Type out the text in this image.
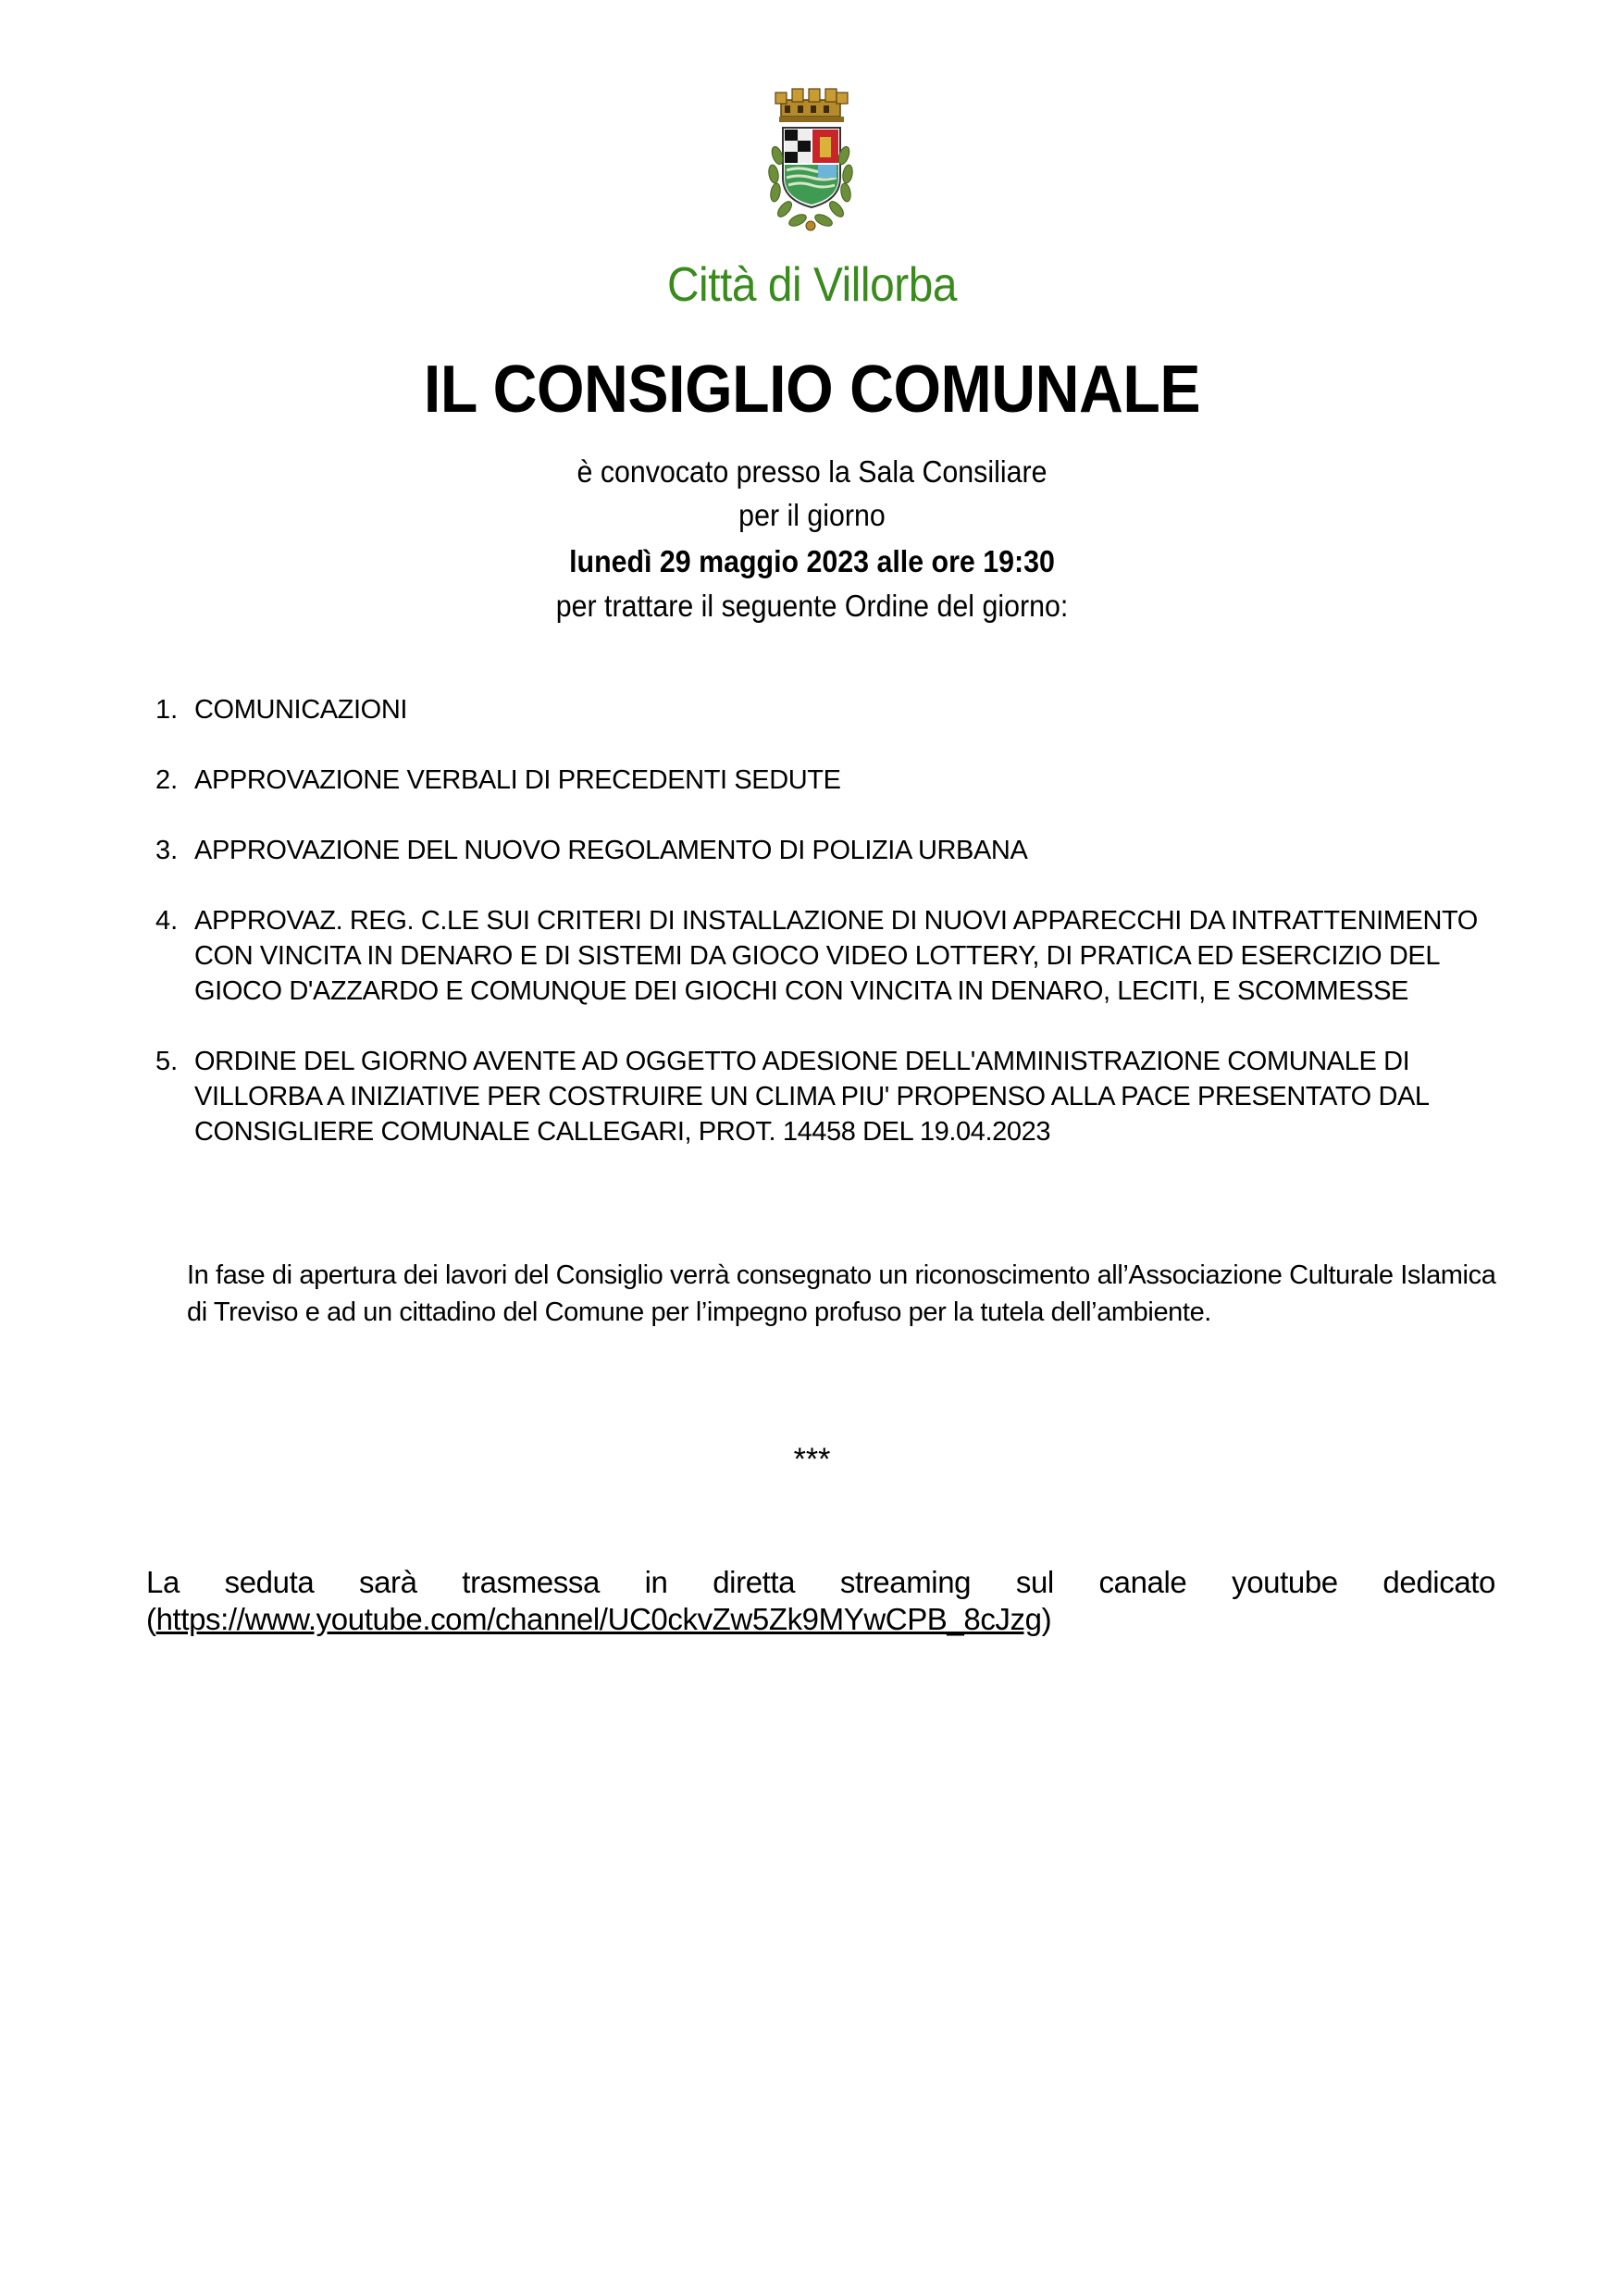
Città di Villorba
IL CONSIGLIO COMUNALE
è convocato presso la Sala Consiliare
per il giorno
lunedì 29 maggio 2023 alle ore 19:30
per trattare il seguente Ordine del giorno:
1. COMUNICAZIONI
2. APPROVAZIONE VERBALI DI PRECEDENTI SEDUTE
3. APPROVAZIONE DEL NUOVO REGOLAMENTO DI POLIZIA URBANA
4. APPROVAZ. REG. C.LE SUI CRITERI DI INSTALLAZIONE DI NUOVI APPARECCHI DA INTRATTENIMENTO CON VINCITA IN DENARO E DI SISTEMI DA GIOCO VIDEO LOTTERY, DI PRATICA ED ESERCIZIO DEL GIOCO D'AZZARDO E COMUNQUE DEI GIOCHI CON VINCITA IN DENARO, LECITI, E SCOMMESSE
5. ORDINE DEL GIORNO AVENTE AD OGGETTO ADESIONE DELL'AMMINISTRAZIONE COMUNALE DI VILLORBA A INIZIATIVE PER COSTRUIRE UN CLIMA PIU' PROPENSO ALLA PACE PRESENTATO DAL CONSIGLIERE COMUNALE CALLEGARI, PROT. 14458 DEL 19.04.2023
In fase di apertura dei lavori del Consiglio verrà consegnato un riconoscimento all’Associazione Culturale Islamica di Treviso e ad un cittadino del Comune per l’impegno profuso per la tutela dell’ambiente.
***
La seduta sarà trasmessa in diretta streaming sul canale youtube dedicato
(https://www.youtube.com/channel/UC0ckvZw5Zk9MYwCPB_8cJzg)
